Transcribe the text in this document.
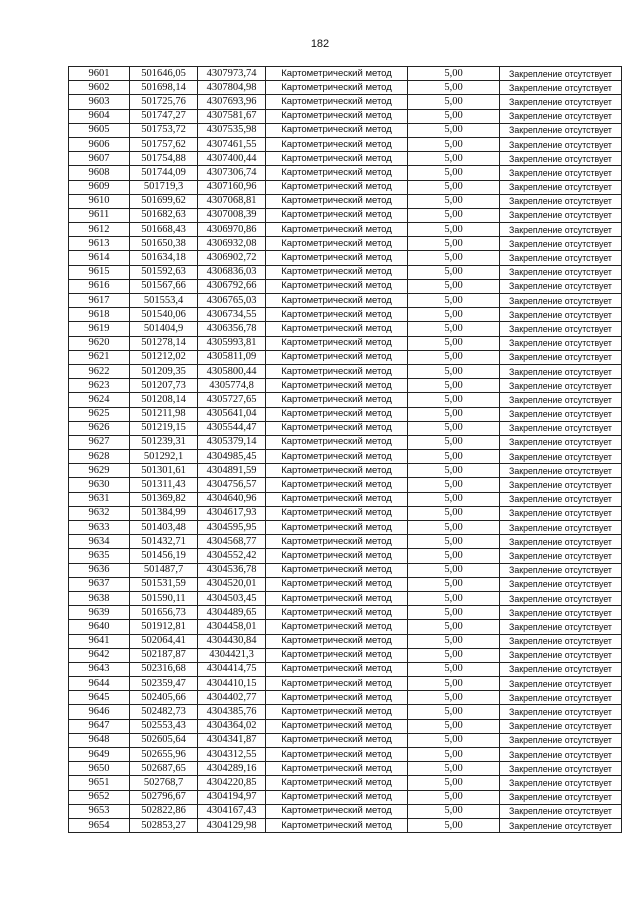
182
9601	501646,05	4307973,74	Картометрический метод	5,00	Закрепление отсутствует
9602	501698,14	4307804,98	Картометрический метод	5,00	Закрепление отсутствует
9603	501725,76	4307693,96	Картометрический метод	5,00	Закрепление отсутствует
9604	501747,27	4307581,67	Картометрический метод	5,00	Закрепление отсутствует
9605	501753,72	4307535,98	Картометрический метод	5,00	Закрепление отсутствует
9606	501757,62	4307461,55	Картометрический метод	5,00	Закрепление отсутствует
9607	501754,88	4307400,44	Картометрический метод	5,00	Закрепление отсутствует
9608	501744,09	4307306,74	Картометрический метод	5,00	Закрепление отсутствует
9609	501719,3	4307160,96	Картометрический метод	5,00	Закрепление отсутствует
9610	501699,62	4307068,81	Картометрический метод	5,00	Закрепление отсутствует
9611	501682,63	4307008,39	Картометрический метод	5,00	Закрепление отсутствует
9612	501668,43	4306970,86	Картометрический метод	5,00	Закрепление отсутствует
9613	501650,38	4306932,08	Картометрический метод	5,00	Закрепление отсутствует
9614	501634,18	4306902,72	Картометрический метод	5,00	Закрепление отсутствует
9615	501592,63	4306836,03	Картометрический метод	5,00	Закрепление отсутствует
9616	501567,66	4306792,66	Картометрический метод	5,00	Закрепление отсутствует
9617	501553,4	4306765,03	Картометрический метод	5,00	Закрепление отсутствует
9618	501540,06	4306734,55	Картометрический метод	5,00	Закрепление отсутствует
9619	501404,9	4306356,78	Картометрический метод	5,00	Закрепление отсутствует
9620	501278,14	4305993,81	Картометрический метод	5,00	Закрепление отсутствует
9621	501212,02	4305811,09	Картометрический метод	5,00	Закрепление отсутствует
9622	501209,35	4305800,44	Картометрический метод	5,00	Закрепление отсутствует
9623	501207,73	4305774,8	Картометрический метод	5,00	Закрепление отсутствует
9624	501208,14	4305727,65	Картометрический метод	5,00	Закрепление отсутствует
9625	501211,98	4305641,04	Картометрический метод	5,00	Закрепление отсутствует
9626	501219,15	4305544,47	Картометрический метод	5,00	Закрепление отсутствует
9627	501239,31	4305379,14	Картометрический метод	5,00	Закрепление отсутствует
9628	501292,1	4304985,45	Картометрический метод	5,00	Закрепление отсутствует
9629	501301,61	4304891,59	Картометрический метод	5,00	Закрепление отсутствует
9630	501311,43	4304756,57	Картометрический метод	5,00	Закрепление отсутствует
9631	501369,82	4304640,96	Картометрический метод	5,00	Закрепление отсутствует
9632	501384,99	4304617,93	Картометрический метод	5,00	Закрепление отсутствует
9633	501403,48	4304595,95	Картометрический метод	5,00	Закрепление отсутствует
9634	501432,71	4304568,77	Картометрический метод	5,00	Закрепление отсутствует
9635	501456,19	4304552,42	Картометрический метод	5,00	Закрепление отсутствует
9636	501487,7	4304536,78	Картометрический метод	5,00	Закрепление отсутствует
9637	501531,59	4304520,01	Картометрический метод	5,00	Закрепление отсутствует
9638	501590,11	4304503,45	Картометрический метод	5,00	Закрепление отсутствует
9639	501656,73	4304489,65	Картометрический метод	5,00	Закрепление отсутствует
9640	501912,81	4304458,01	Картометрический метод	5,00	Закрепление отсутствует
9641	502064,41	4304430,84	Картометрический метод	5,00	Закрепление отсутствует
9642	502187,87	4304421,3	Картометрический метод	5,00	Закрепление отсутствует
9643	502316,68	4304414,75	Картометрический метод	5,00	Закрепление отсутствует
9644	502359,47	4304410,15	Картометрический метод	5,00	Закрепление отсутствует
9645	502405,66	4304402,77	Картометрический метод	5,00	Закрепление отсутствует
9646	502482,73	4304385,76	Картометрический метод	5,00	Закрепление отсутствует
9647	502553,43	4304364,02	Картометрический метод	5,00	Закрепление отсутствует
9648	502605,64	4304341,87	Картометрический метод	5,00	Закрепление отсутствует
9649	502655,96	4304312,55	Картометрический метод	5,00	Закрепление отсутствует
9650	502687,65	4304289,16	Картометрический метод	5,00	Закрепление отсутствует
9651	502768,7	4304220,85	Картометрический метод	5,00	Закрепление отсутствует
9652	502796,67	4304194,97	Картометрический метод	5,00	Закрепление отсутствует
9653	502822,86	4304167,43	Картометрический метод	5,00	Закрепление отсутствует
9654	502853,27	4304129,98	Картометрический метод	5,00	Закрепление отсутствует
